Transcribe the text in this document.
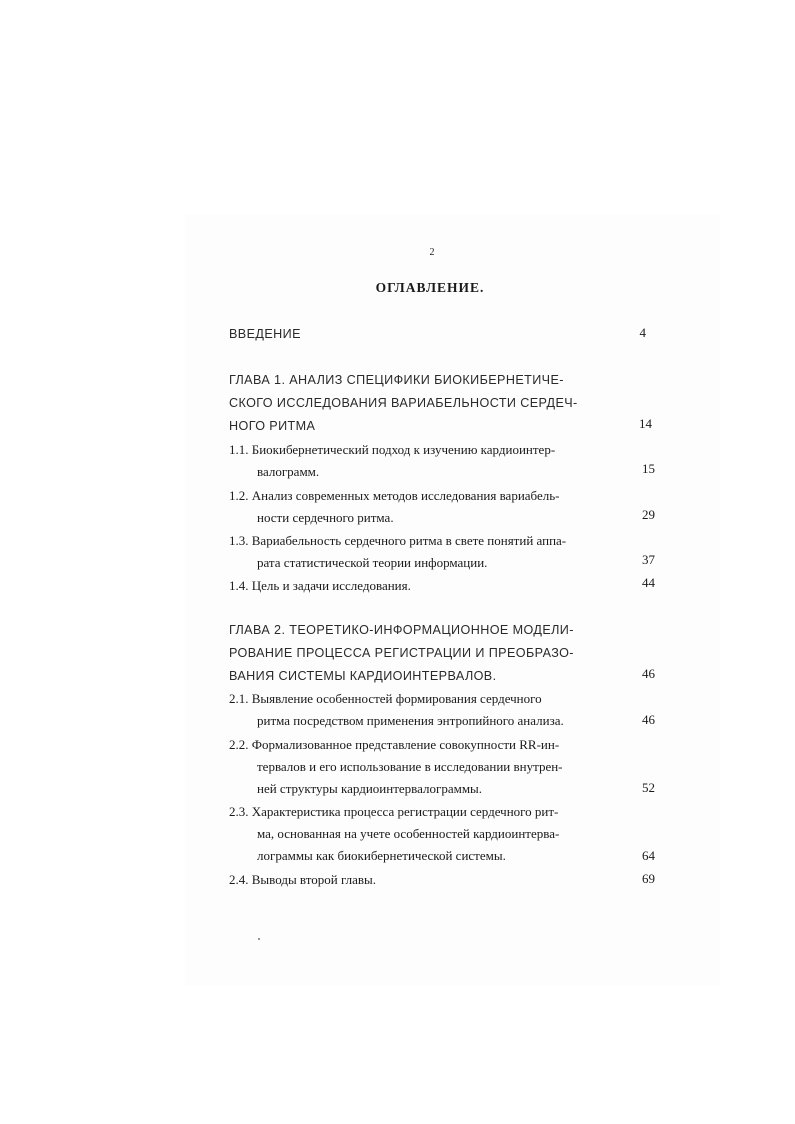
2
ОГЛАВЛЕНИЕ.
ВВЕДЕНИЕ	4
ГЛАВА 1. АНАЛИЗ СПЕЦИФИКИ БИОКИБЕРНЕТИЧЕ-
СКОГО ИССЛЕДОВАНИЯ ВАРИАБЕЛЬНОСТИ СЕРДЕЧ-
НОГО РИТМА	14
1.1. Биокибернетический подход к изучению кардиоинтер-
валограмм.	15
1.2. Анализ современных методов исследования вариабель-
ности сердечного ритма.	29
1.3. Вариабельность сердечного ритма в свете понятий аппа-
рата статистической теории информации.	37
1.4. Цель и задачи исследования.	44
ГЛАВА 2. ТЕОРЕТИКО-ИНФОРМАЦИОННОЕ МОДЕЛИ-
РОВАНИЕ ПРОЦЕССА РЕГИСТРАЦИИ И ПРЕОБРАЗО-
ВАНИЯ СИСТЕМЫ КАРДИОИНТЕРВАЛОВ.	46
2.1. Выявление особенностей формирования сердечного
ритма посредством применения энтропийного анализа.	46
2.2. Формализованное представление совокупности RR-ин-
тервалов и его использование в исследовании внутрен-
ней структуры кардиоинтервалограммы.	52
2.3. Характеристика процесса регистрации сердечного рит-
ма, основанная на учете особенностей кардиоинтерва-
лограммы как биокибернетической системы.	64
2.4. Выводы второй главы.	69
